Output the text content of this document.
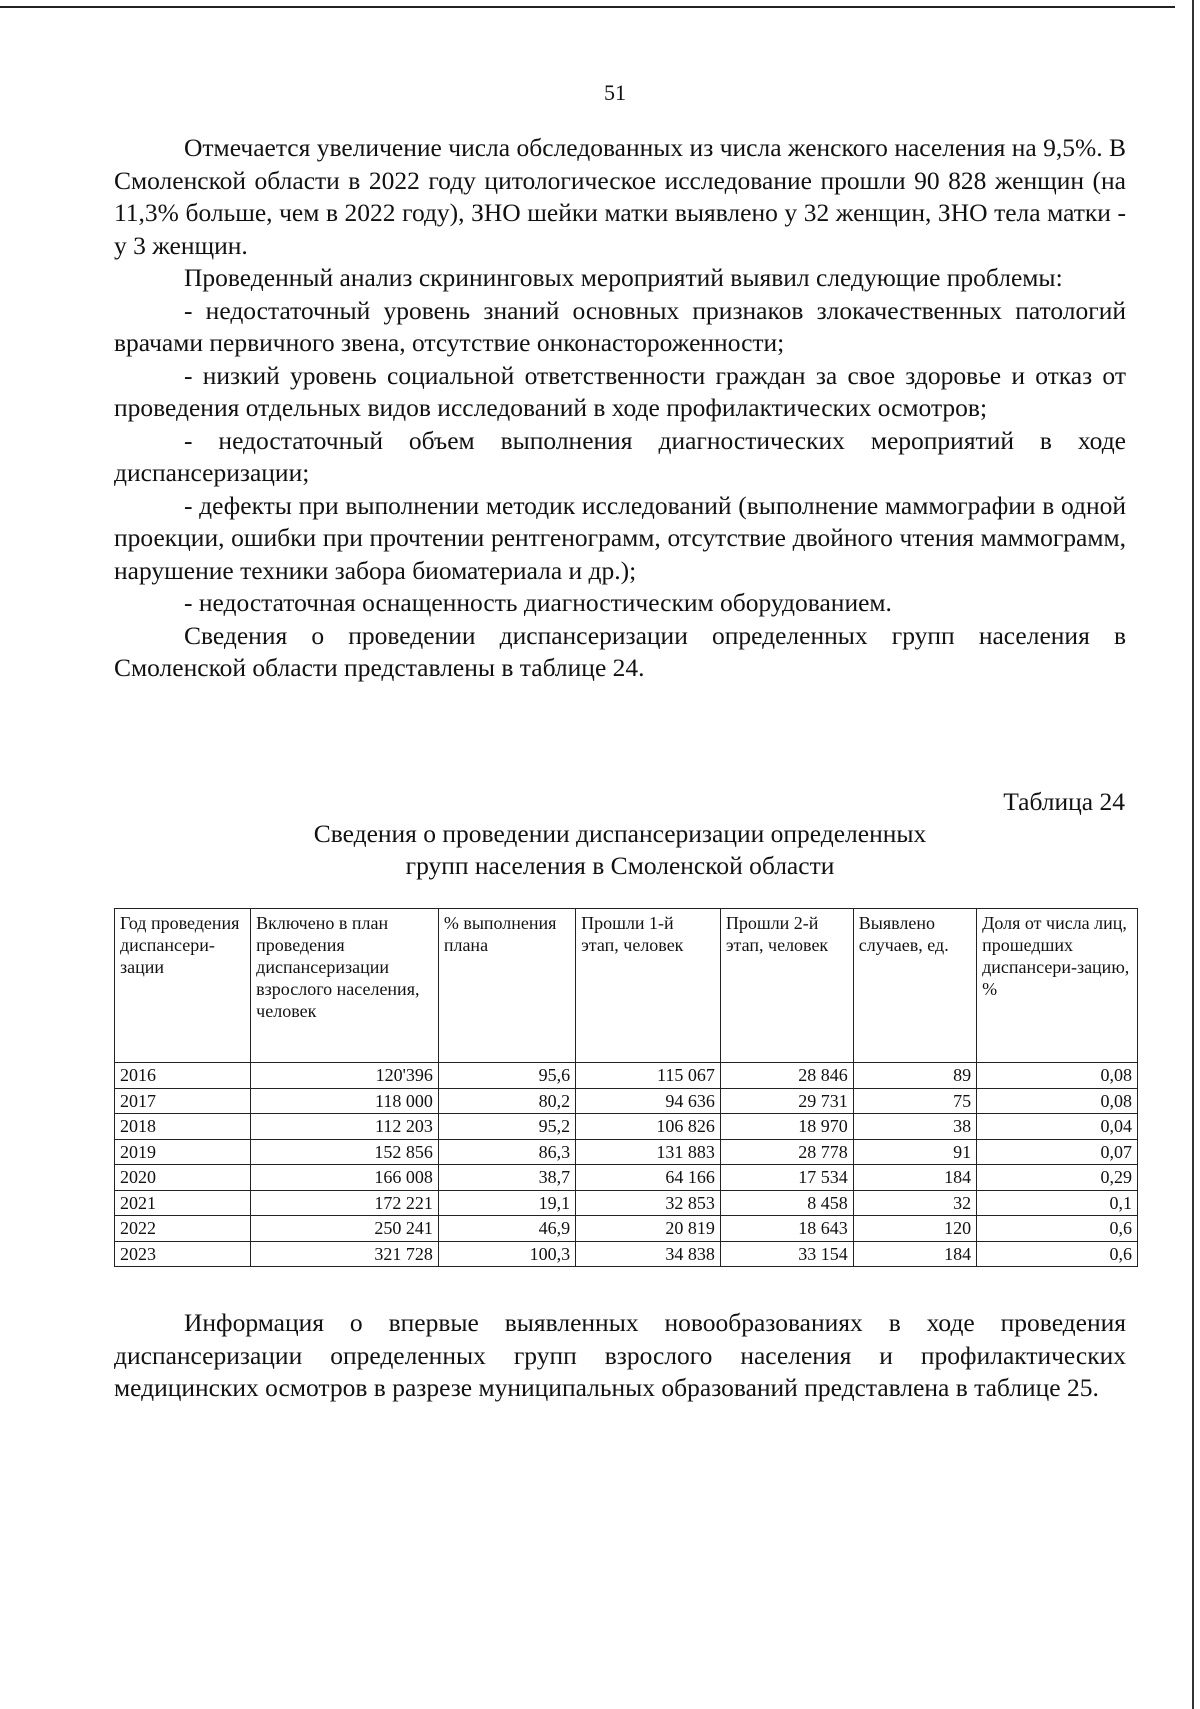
51

Отмечается увеличение числа обследованных из числа женского населения на 9,5%. В Смоленской области в 2022 году цитологическое исследование прошли 90 828 женщин (на 11,3% больше, чем в 2022 году), ЗНО шейки матки выявлено у 32 женщин, ЗНО тела матки - у 3 женщин.

Проведенный анализ скрининговых мероприятий выявил следующие проблемы:

- недостаточный уровень знаний основных признаков злокачественных патологий врачами первичного звена, отсутствие онконастороженности;

- низкий уровень социальной ответственности граждан за свое здоровье и отказ от проведения отдельных видов исследований в ходе профилактических осмотров;

- недостаточный объем выполнения диагностических мероприятий в ходе диспансеризации;

- дефекты при выполнении методик исследований (выполнение маммографии в одной проекции, ошибки при прочтении рентгенограмм, отсутствие двойного чтения маммограмм, нарушение техники забора биоматериала и др.);

- недостаточная оснащенность диагностическим оборудованием.

Сведения о проведении диспансеризации определенных групп населения в Смоленской области представлены в таблице 24.

Таблица 24
Сведения о проведении диспансеризации определенных
групп населения в Смоленской области
Год проведения диспансери-зации	Включено в план проведения диспансеризации взрослого населения, человек	% выполнения плана	Прошли 1-й этап, человек	Прошли 2-й этап, человек	Выявлено случаев, ед.	Доля от числа лиц, прошедших диспансери-зацию, %
2016	120'396	95,6	115 067	28 846	89	0,08
2017	118 000	80,2	94 636	29 731	75	0,08
2018	112 203	95,2	106 826	18 970	38	0,04
2019	152 856	86,3	131 883	28 778	91	0,07
2020	166 008	38,7	64 166	17 534	184	0,29
2021	172 221	19,1	32 853	8 458	32	0,1
2022	250 241	46,9	20 819	18 643	120	0,6
2023	321 728	100,3	34 838	33 154	184	0,6

Информация о впервые выявленных новообразованиях в ходе проведения диспансеризации определенных групп взрослого населения и профилактических медицинских осмотров в разрезе муниципальных образований представлена в таблице 25.
